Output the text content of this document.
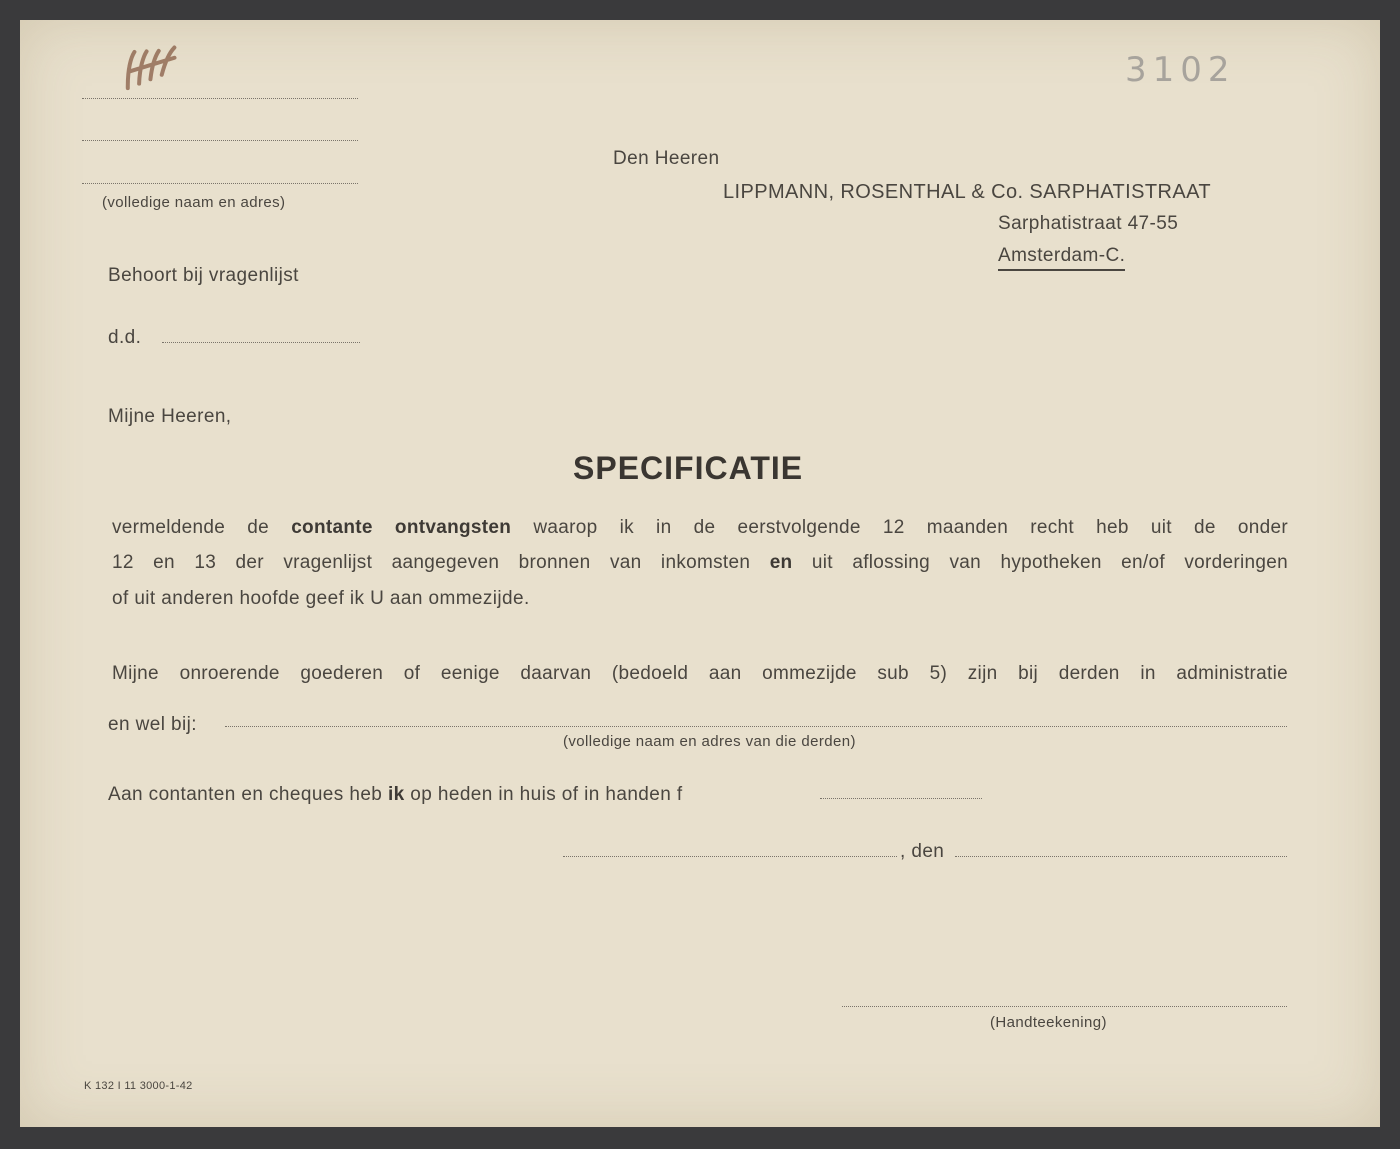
3102
(volledige naam en adres)
Behoort bij vragenlijst
d.d.
Den Heeren
LIPPMANN, ROSENTHAL & Co. SARPHATISTRAAT
Sarphatistraat 47-55
Amsterdam-C.
Mijne Heeren,
SPECIFICATIE
vermeldende de contante ontvangsten waarop ik in de eerstvolgende 12 maanden recht heb uit de onder
12 en 13 der vragenlijst aangegeven bronnen van inkomsten en uit aflossing van hypotheken en/of vorderingen
of uit anderen hoofde geef ik U aan ommezijde.
Mijne onroerende goederen of eenige daarvan (bedoeld aan ommezijde sub 5) zijn bij derden in administratie
en wel bij:
(volledige naam en adres van die derden)
Aan contanten en cheques heb ik op heden in huis of in handen f
, den
(Handteekening)
K 132 I 11 3000-1-42
